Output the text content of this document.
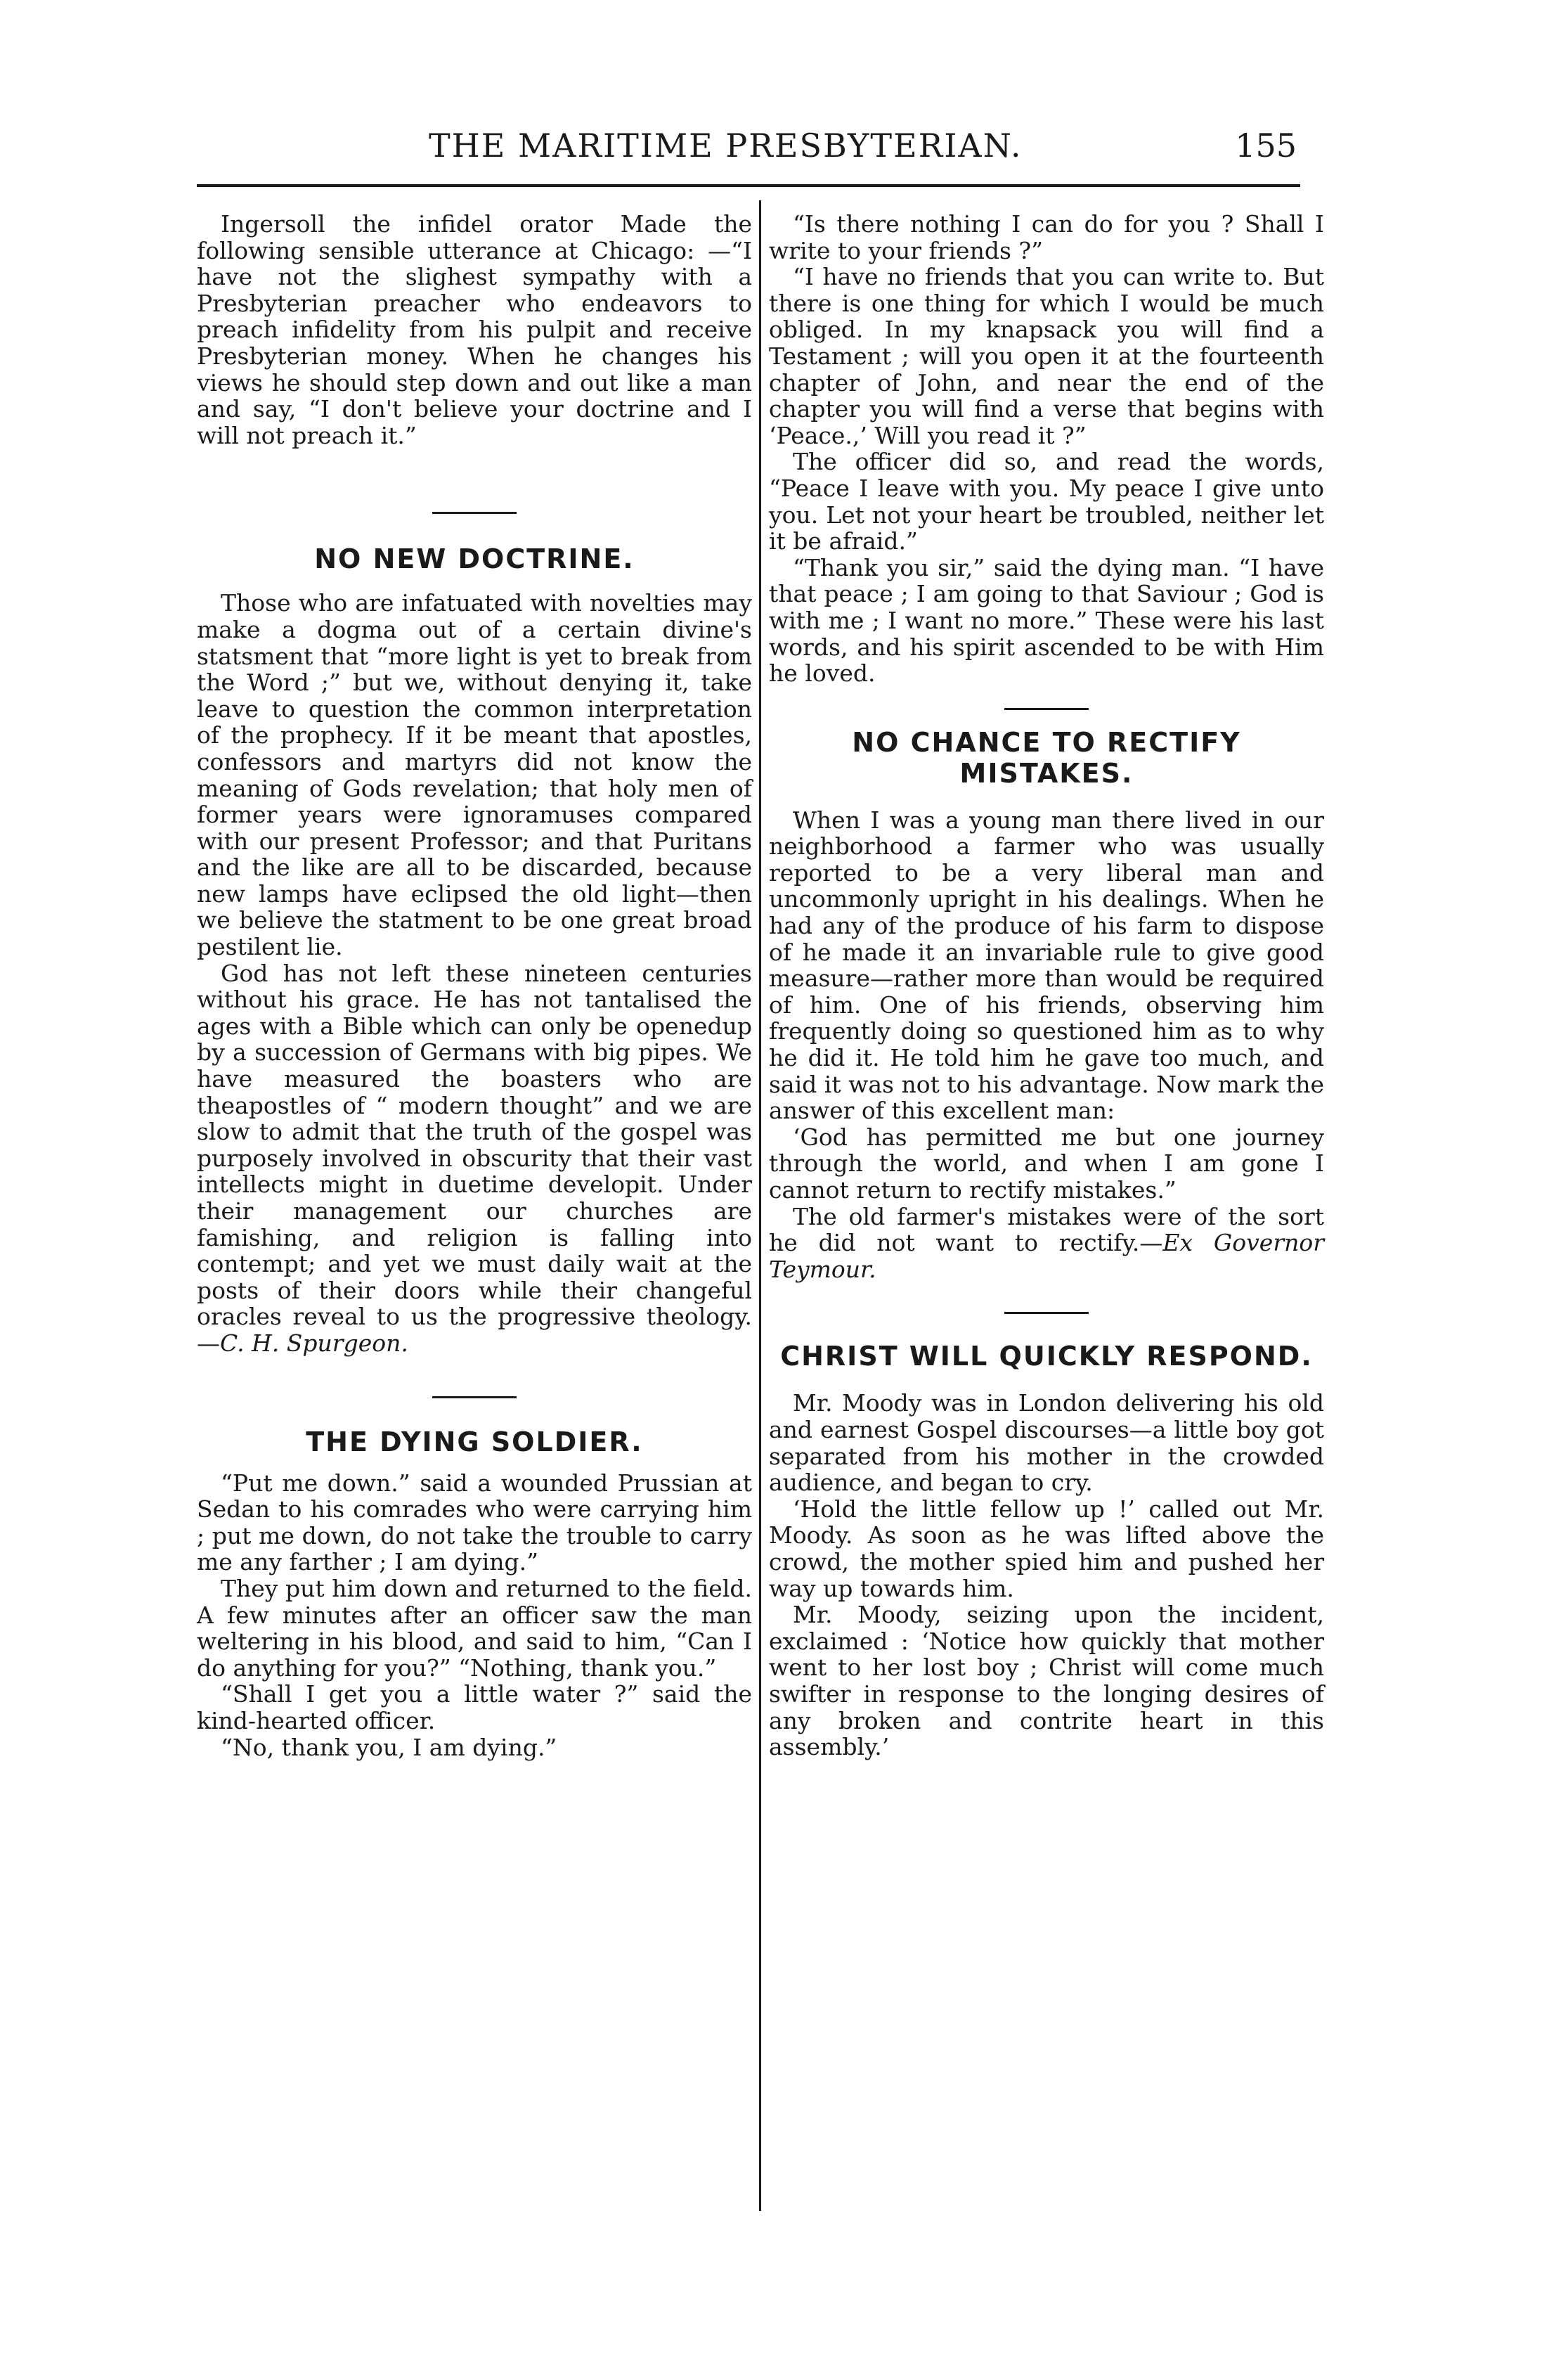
THE MARITIME PRESBYTERIAN.	155

Ingersoll the infidel orator Made the following sensible utterance at Chicago: —“I have not the slighest sympathy with a Presbyterian preacher who endeavors to preach infidelity from his pulpit and receive Presbyterian money. When he changes his views he should step down and out like a man and say, “I don't believe your doctrine and I will not preach it.”

NO NEW DOCTRINE.

Those who are infatuated with novelties may make a dogma out of a certain divine's statsment that “more light is yet to break from the Word ;” but we, without denying it, take leave to question the common interpretation of the prophecy. If it be meant that apostles, confessors and martyrs did not know the meaning of Gods revelation; that holy men of former years were ignoramuses compared with our present Professor; and that Puritans and the like are all to be discarded, because new lamps have eclipsed the old light—then we believe the statment to be one great broad pestilent lie.

God has not left these nineteen centuries without his grace. He has not tantalised the ages with a Bible which can only be openedup by a succession of Germans with big pipes. We have measured the boasters who are theapostles of “ modern thought” and we are slow to admit that the truth of the gospel was purposely involved in obscurity that their vast intellects might in duetime developit. Under their management our churches are famishing, and religion is falling into contempt; and yet we must daily wait at the posts of their doors while their changeful oracles reveal to us the progressive theology.—C. H. Spurgeon.

THE DYING SOLDIER.

“Put me down.” said a wounded Prussian at Sedan to his comrades who were carrying him ; put me down, do not take the trouble to carry me any farther ; I am dying.”

They put him down and returned to the field. A few minutes after an officer saw the man weltering in his blood, and said to him, “Can I do anything for you?” “Nothing, thank you.”

“Shall I get you a little water ?” said the kind-hearted officer.

“No, thank you, I am dying.”

“Is there nothing I can do for you ? Shall I write to your friends ?”

“I have no friends that you can write to. But there is one thing for which I would be much obliged. In my knapsack you will find a Testament ; will you open it at the fourteenth chapter of John, and near the end of the chapter you will find a verse that begins with ‘Peace.,’ Will you read it ?”

The officer did so, and read the words, “Peace I leave with you. My peace I give unto you. Let not your heart be troubled, neither let it be afraid.”

“Thank you sir,” said the dying man. “I have that peace ; I am going to that Saviour ; God is with me ; I want no more.” These were his last words, and his spirit ascended to be with Him he loved.

NO CHANCE TO RECTIFY MISTAKES.

When I was a young man there lived in our neighborhood a farmer who was usually reported to be a very liberal man and uncommonly upright in his dealings. When he had any of the produce of his farm to dispose of he made it an invariable rule to give good measure—rather more than would be required of him. One of his friends, observing him frequently doing so questioned him as to why he did it. He told him he gave too much, and said it was not to his advantage. Now mark the answer of this excellent man:

‘God has permitted me but one journey through the world, and when I am gone I cannot return to rectify mistakes.”

The old farmer's mistakes were of the sort he did not want to rectify.—Ex Governor Teymour.

CHRIST WILL QUICKLY RESPOND.

Mr. Moody was in London delivering his old and earnest Gospel discourses—a little boy got separated from his mother in the crowded audience, and began to cry.

‘Hold the little fellow up !’ called out Mr. Moody. As soon as he was lifted above the crowd, the mother spied him and pushed her way up towards him.

Mr. Moody, seizing upon the incident, exclaimed : ‘Notice how quickly that mother went to her lost boy ; Christ will come much swifter in response to the longing desires of any broken and contrite heart in this assembly.’
